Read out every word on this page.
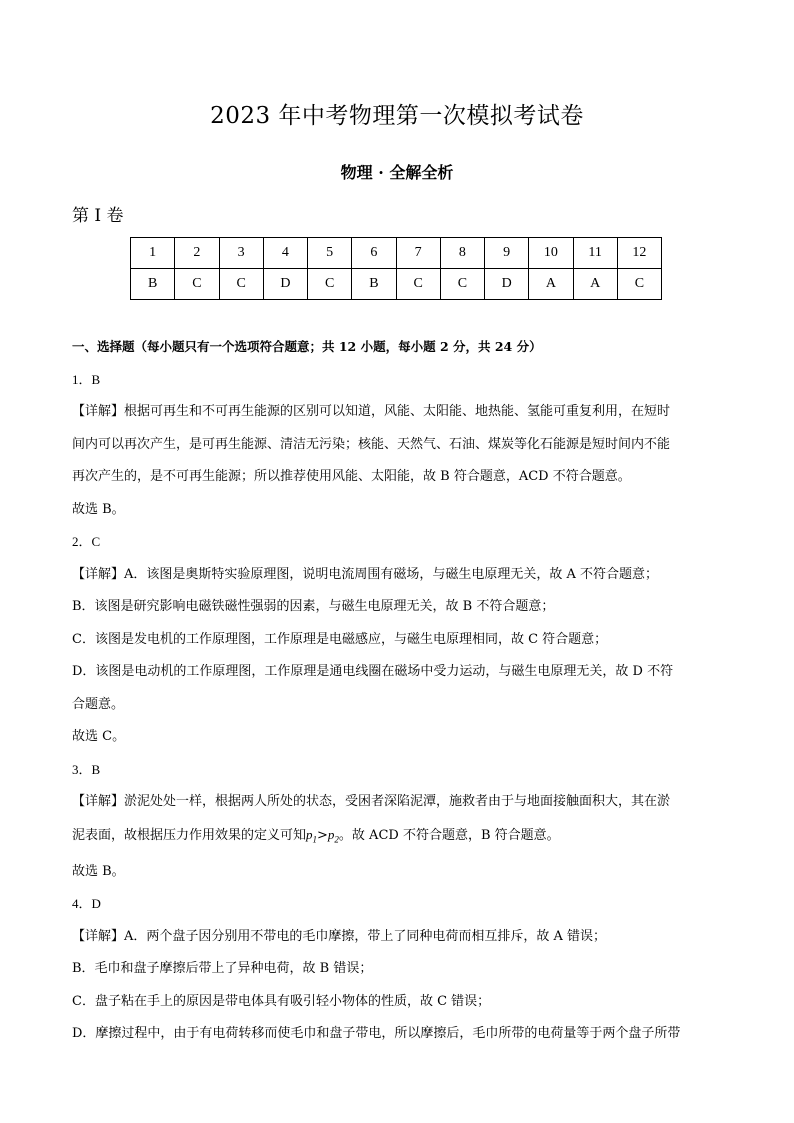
2023 年中考物理第一次模拟考试卷
物理 · 全解全析
第 I 卷
1	2	3	4	5	6	7	8	9	10	11	12
B	C	C	D	C	B	C	C	D	A	A	C

一、选择题（每小题只有一个选项符合题意；共 12 小题，每小题 2 分，共 24 分）

1．B

【详解】根据可再生和不可再生能源的区别可以知道，风能、太阳能、地热能、氢能可重复利用，在短时

间内可以再次产生，是可再生能源、清洁无污染；核能、天然气、石油、煤炭等化石能源是短时间内不能

再次产生的，是不可再生能源；所以推荐使用风能、太阳能，故 B 符合题意，ACD 不符合题意。

故选 B。

2．C

【详解】A．该图是奥斯特实验原理图，说明电流周围有磁场，与磁生电原理无关，故 A 不符合题意；

B．该图是研究影响电磁铁磁性强弱的因素，与磁生电原理无关，故 B 不符合题意；

C．该图是发电机的工作原理图，工作原理是电磁感应，与磁生电原理相同，故 C 符合题意；

D．该图是电动机的工作原理图，工作原理是通电线圈在磁场中受力运动，与磁生电原理无关，故 D 不符

合题意。

故选 C。

3．B

【详解】淤泥处处一样，根据两人所处的状态，受困者深陷泥潭，施救者由于与地面接触面积大，其在淤

泥表面，故根据压力作用效果的定义可知$p_1>p_2$。故 ACD 不符合题意，B 符合题意。

故选 B。

4．D

【详解】A．两个盘子因分别用不带电的毛巾摩擦，带上了同种电荷而相互排斥，故 A 错误；

B．毛巾和盘子摩擦后带上了异种电荷，故 B 错误；

C．盘子粘在手上的原因是带电体具有吸引轻小物体的性质，故 C 错误；

D．摩擦过程中，由于有电荷转移而使毛巾和盘子带电，所以摩擦后，毛巾所带的电荷量等于两个盘子所带
